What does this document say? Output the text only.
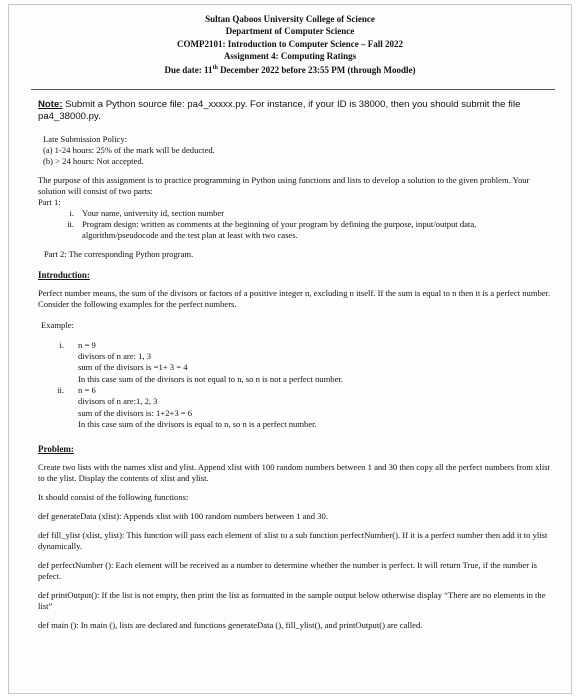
Sultan Qaboos University College of Science
Department of Computer Science
COMP2101: Introduction to Computer Science – Fall 2022
Assignment 4: Computing Ratings
Due date: 11th December 2022 before 23:55 PM (through Moodle)

Note: Submit a Python source file: pa4_xxxxx.py. For instance, if your ID is 38000, then you should submit the file pa4_38000.py.

Late Submission Policy:

(a) 1-24 hours: 25% of the mark will be deducted.

(b) > 24 hours: Not accepted.

The purpose of this assignment is to practice programming in Python using functions and lists to develop a solution to the given problem. Your solution will consist of two parts:

Part 1:

i. Your name, university id, section number
ii. Program design: written as comments at the beginning of your program by defining the purpose, input/output data, algorithm/pseudocode and the test plan at least with two cases.

Part 2: The corresponding Python program.

Introduction:

Perfect number means, the sum of the divisors or factors of a positive integer n, excluding n itself. If the sum is equal to n then it is a perfect number. Consider the following examples for the perfect numbers.

Example:

i.	n = 9
divisors of n are: 1, 3
sum of the divisors is =1+ 3 = 4
In this case sum of the divisors is not equal to n, so n is not a perfect number.
ii.	n = 6
divisors of n are:1, 2, 3
sum of the divisors is: 1+2+3 = 6
In this case sum of the divisors is equal to n, so n is a perfect number.
Problem:

Create two lists with the names xlist and ylist. Append xlist with 100 random numbers between 1 and 30 then copy all the perfect numbers from xlist to the ylist. Display the contents of xlist and ylist.

It should consist of the following functions:

def generateData (xlist): Appends xlist with 100 random numbers between 1 and 30.

def fill_ylist (xlist, ylist): This function will pass each element of xlist to a sub function perfectNumber(). If it is a perfect number then add it to ylist dynamically.

def perfectNumber (): Each element will be received as a number to determine whether the number is perfect. It will return True, if the number is pefect.

def printOutput(): If the list is not empty, then print the list as formatted in the sample output below otherwise display “There are no elements in the list”

def main (): In main (), lists are declared and functions generateData (), fill_ylist(), and printOutput() are called.
